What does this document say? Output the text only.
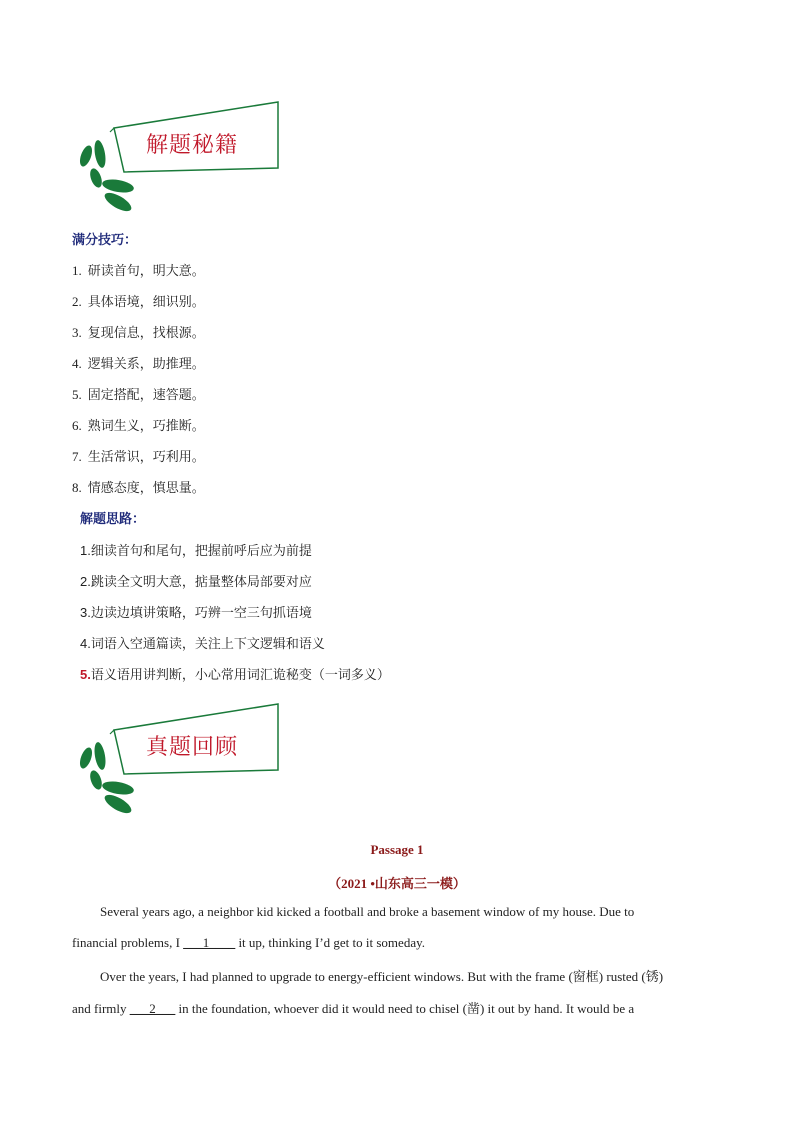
解题秘籍
满分技巧：
1. 研读首句，明大意。
2. 具体语境，细识别。
3. 复现信息，找根源。
4. 逻辑关系，助推理。
5. 固定搭配，速答题。
6. 熟词生义，巧推断。
7. 生活常识，巧利用。
8. 情感态度，慎思量。
解题思路：
1.细读首句和尾句，把握前呼后应为前提
2.跳读全文明大意，掂量整体局部要对应
3.边读边填讲策略，巧辨一空三句抓语境
4.词语入空通篇读，关注上下文逻辑和语义
5.语义语用讲判断，小心常用词汇诡秘变（一词多义）
真题回顾
Passage 1
（2021 •山东高三一模）
Several years ago, a neighbor kid kicked a football and broke a basement window of my house. Due to
financial problems, I ___1____ it up, thinking I’d get to it someday.
Over the years, I had planned to upgrade to energy-efficient windows. But with the frame (窗框) rusted (锈)
and firmly ___2___ in the foundation, whoever did it would need to chisel (凿) it out by hand. It would be a
